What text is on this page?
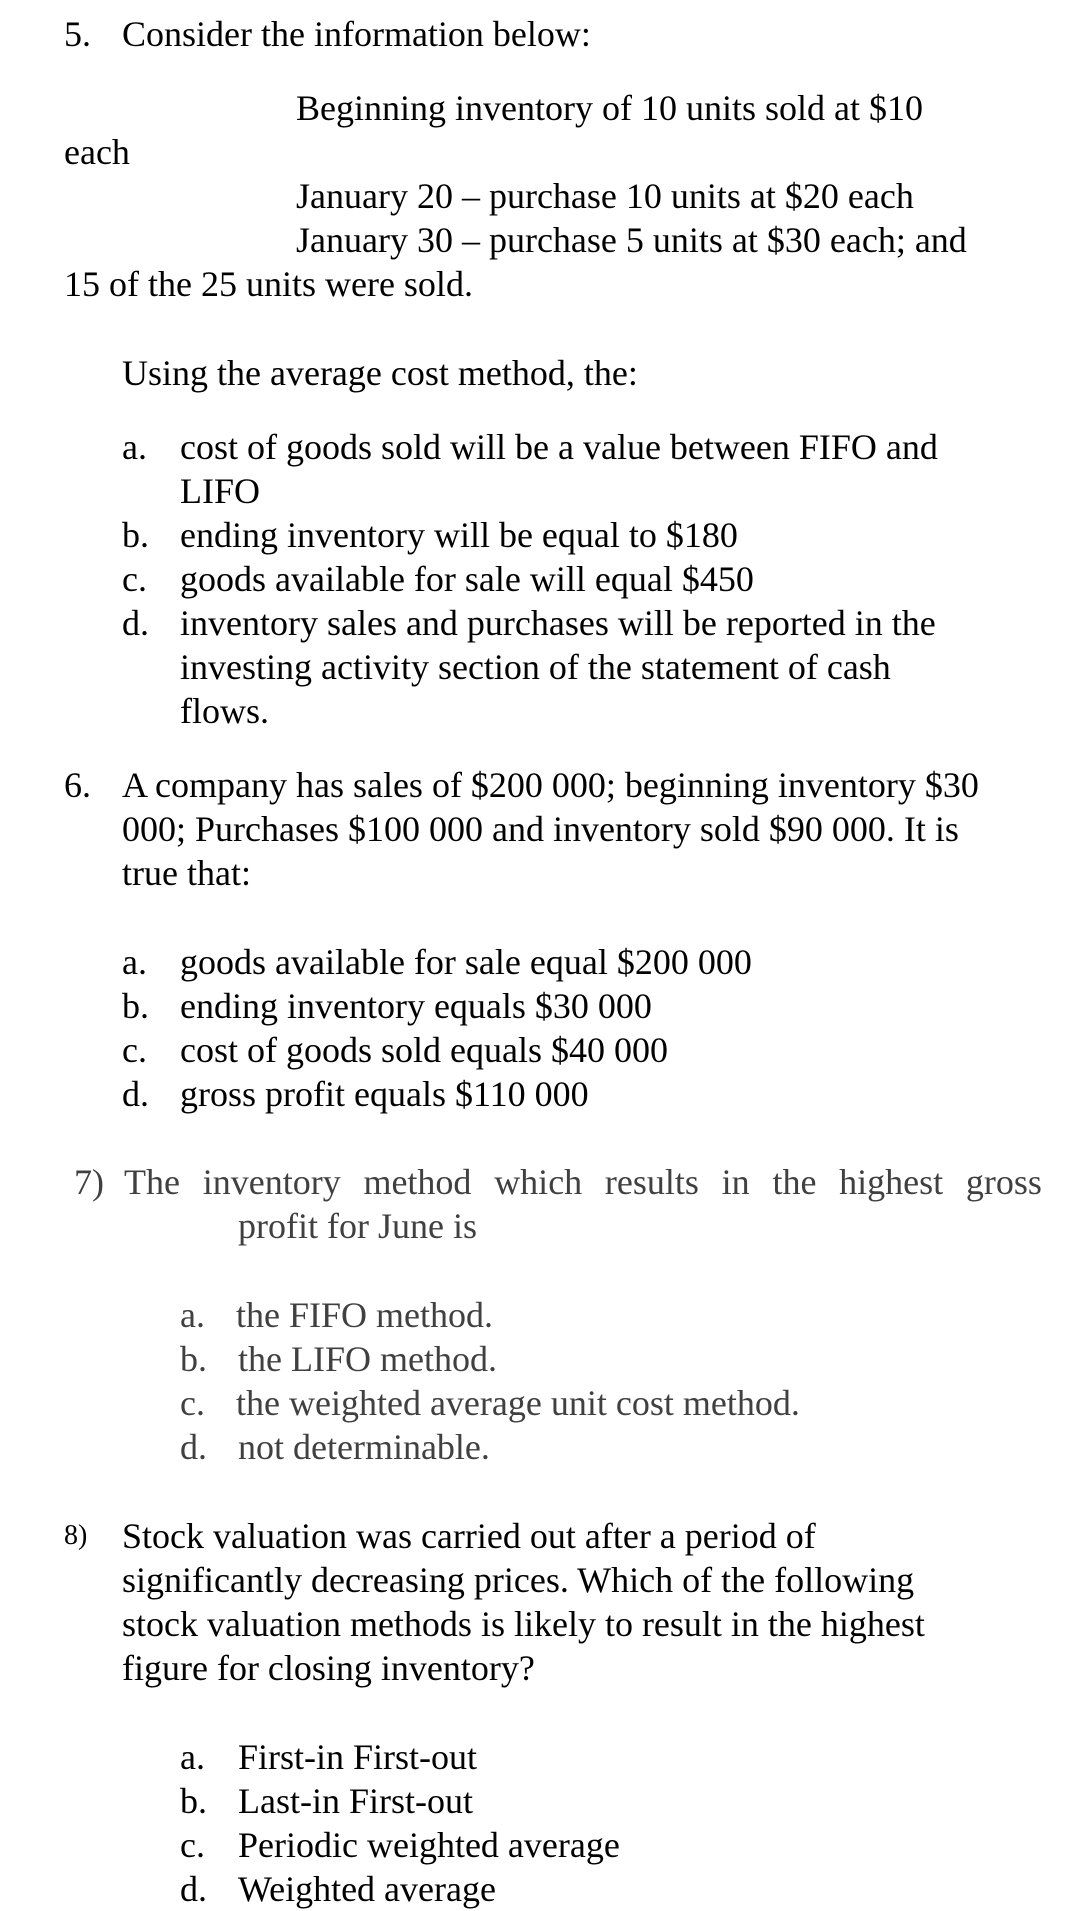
5. Consider the information below:
Beginning inventory of 10 units sold at $10
each
January 20 – purchase 10 units at $20 each
January 30 – purchase 5 units at $30 each; and
15 of the 25 units were sold.
Using the average cost method, the:
a. cost of goods sold will be a value between FIFO and
LIFO
b. ending inventory will be equal to $180
c. goods available for sale will equal $450
d. inventory sales and purchases will be reported in the
investing activity section of the statement of cash
flows.
6. A company has sales of $200 000; beginning inventory $30
000; Purchases $100 000 and inventory sold $90 000. It is
true that:
a. goods available for sale equal $200 000
b. ending inventory equals $30 000
c. cost of goods sold equals $40 000
d. gross profit equals $110 000
7) The inventory method which results in the highest gross
profit for June is
a. the FIFO method.
b. the LIFO method.
c. the weighted average unit cost method.
d. not determinable.
8) Stock valuation was carried out after a period of
significantly decreasing prices. Which of the following
stock valuation methods is likely to result in the highest
figure for closing inventory?
a. First-in First-out
b. Last-in First-out
c. Periodic weighted average
d. Weighted average
